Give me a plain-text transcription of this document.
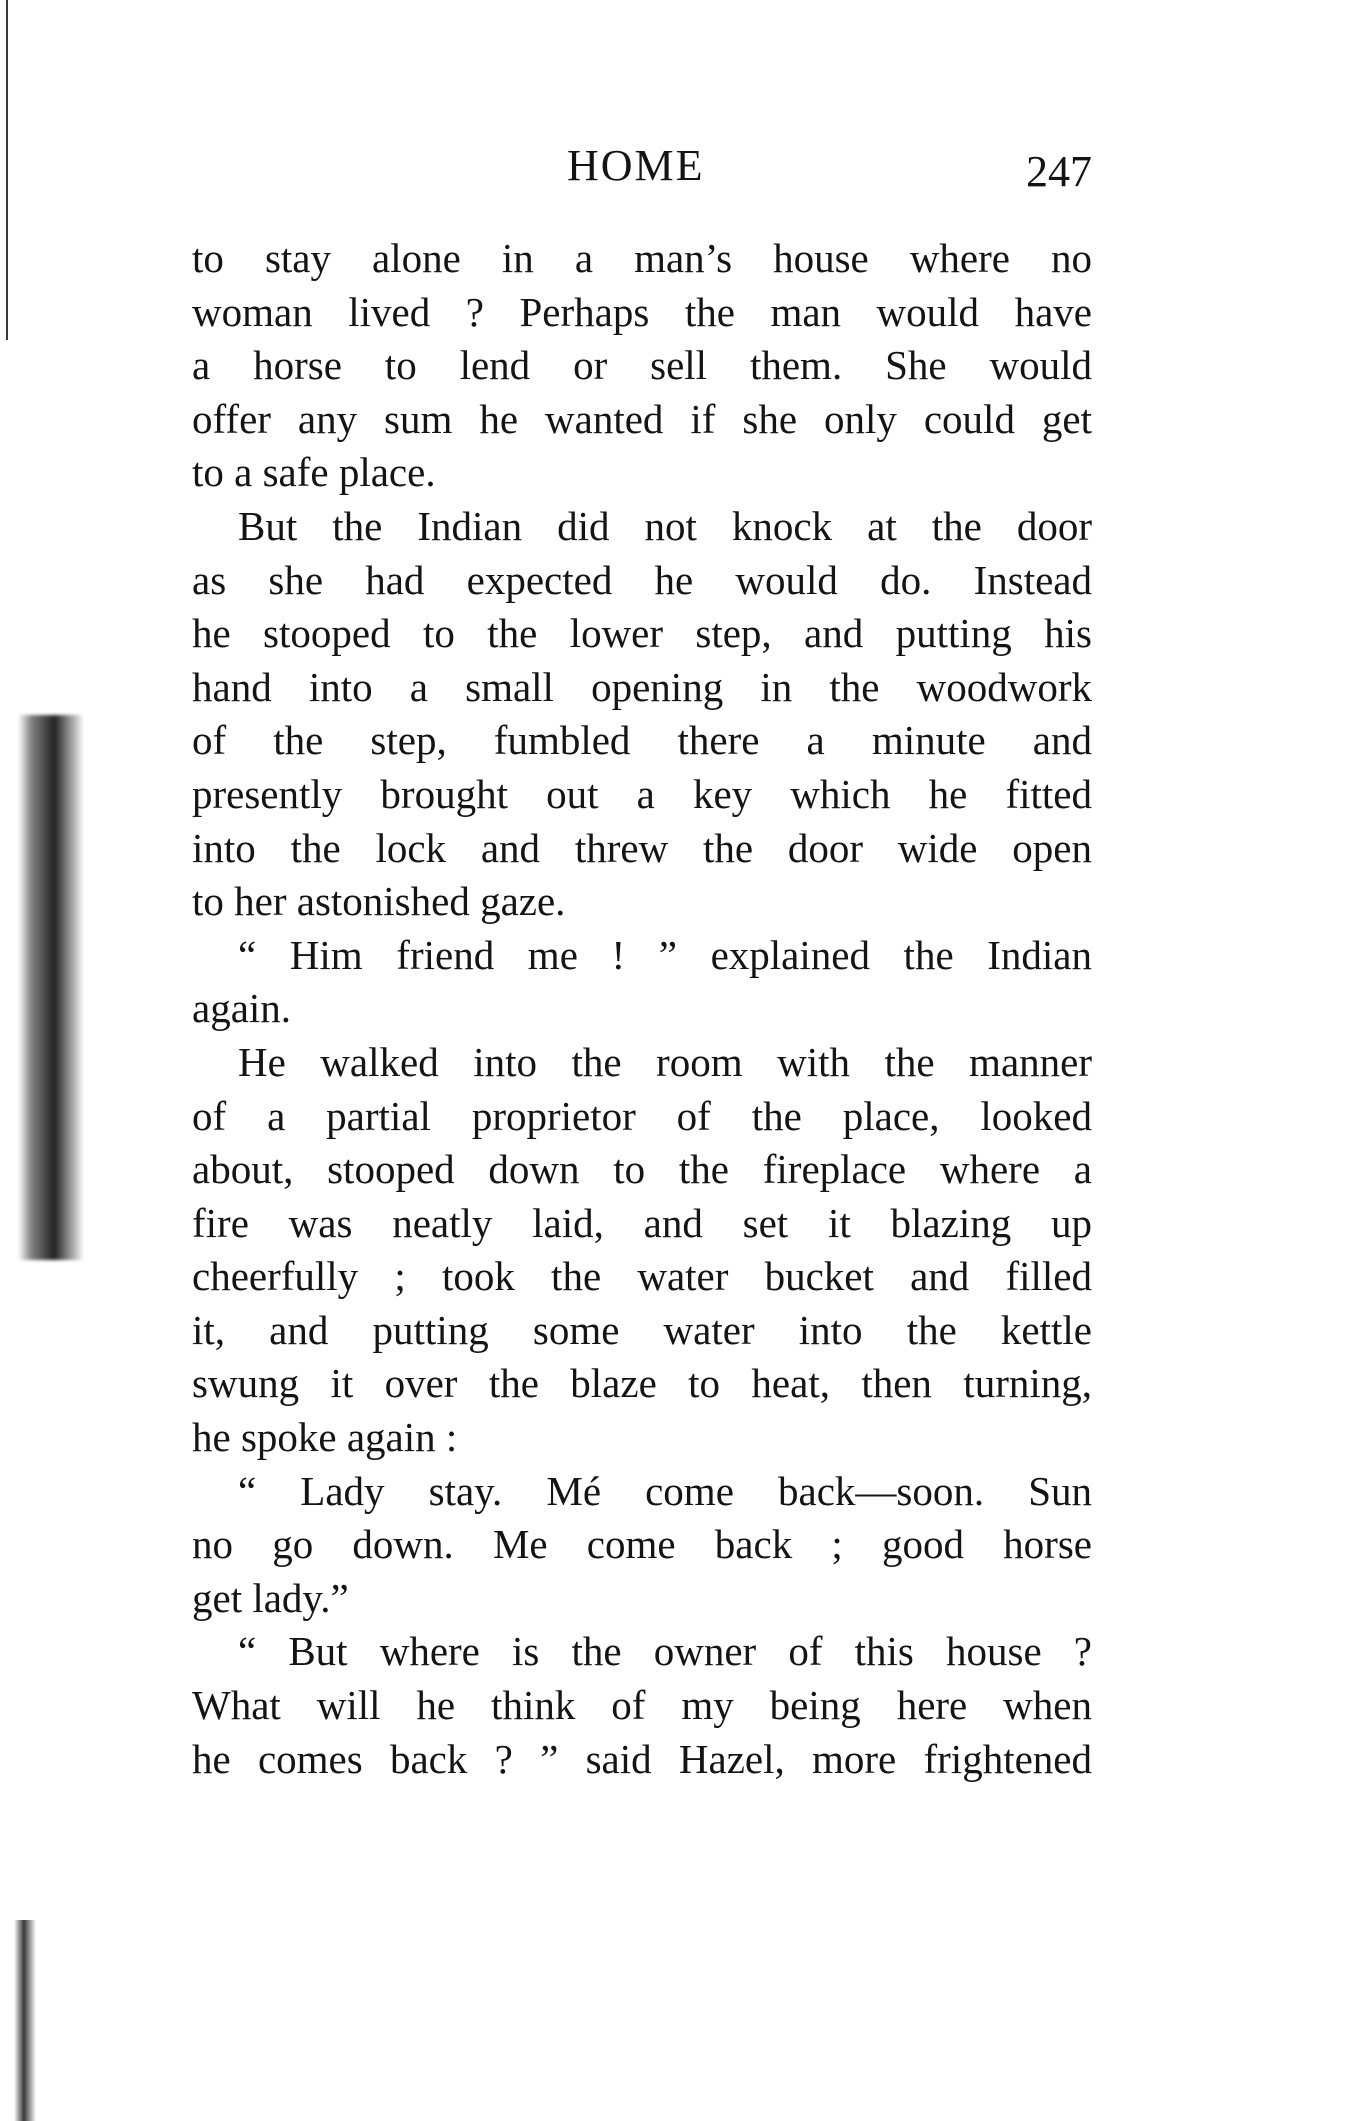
HOME	247
to stay alone in a man’s house where no
woman lived ? Perhaps the man would have
a horse to lend or sell them. She would
offer any sum he wanted if she only could get
to a safe place.
But the Indian did not knock at the door
as she had expected he would do. Instead
he stooped to the lower step, and putting his
hand into a small opening in the woodwork
of the step, fumbled there a minute and
presently brought out a key which he fitted
into the lock and threw the door wide open
to her astonished gaze.
“ Him friend me ! ” explained the Indian
again.
He walked into the room with the manner
of a partial proprietor of the place, looked
about, stooped down to the fireplace where a
fire was neatly laid, and set it blazing up
cheerfully ; took the water bucket and filled
it, and putting some water into the kettle
swung it over the blaze to heat, then turning,
he spoke again :
“ Lady stay. Mé come back—soon. Sun
no go down. Me come back ; good horse
get lady.”
“ But where is the owner of this house ?
What will he think of my being here when
he comes back ? ” said Hazel, more frightened
